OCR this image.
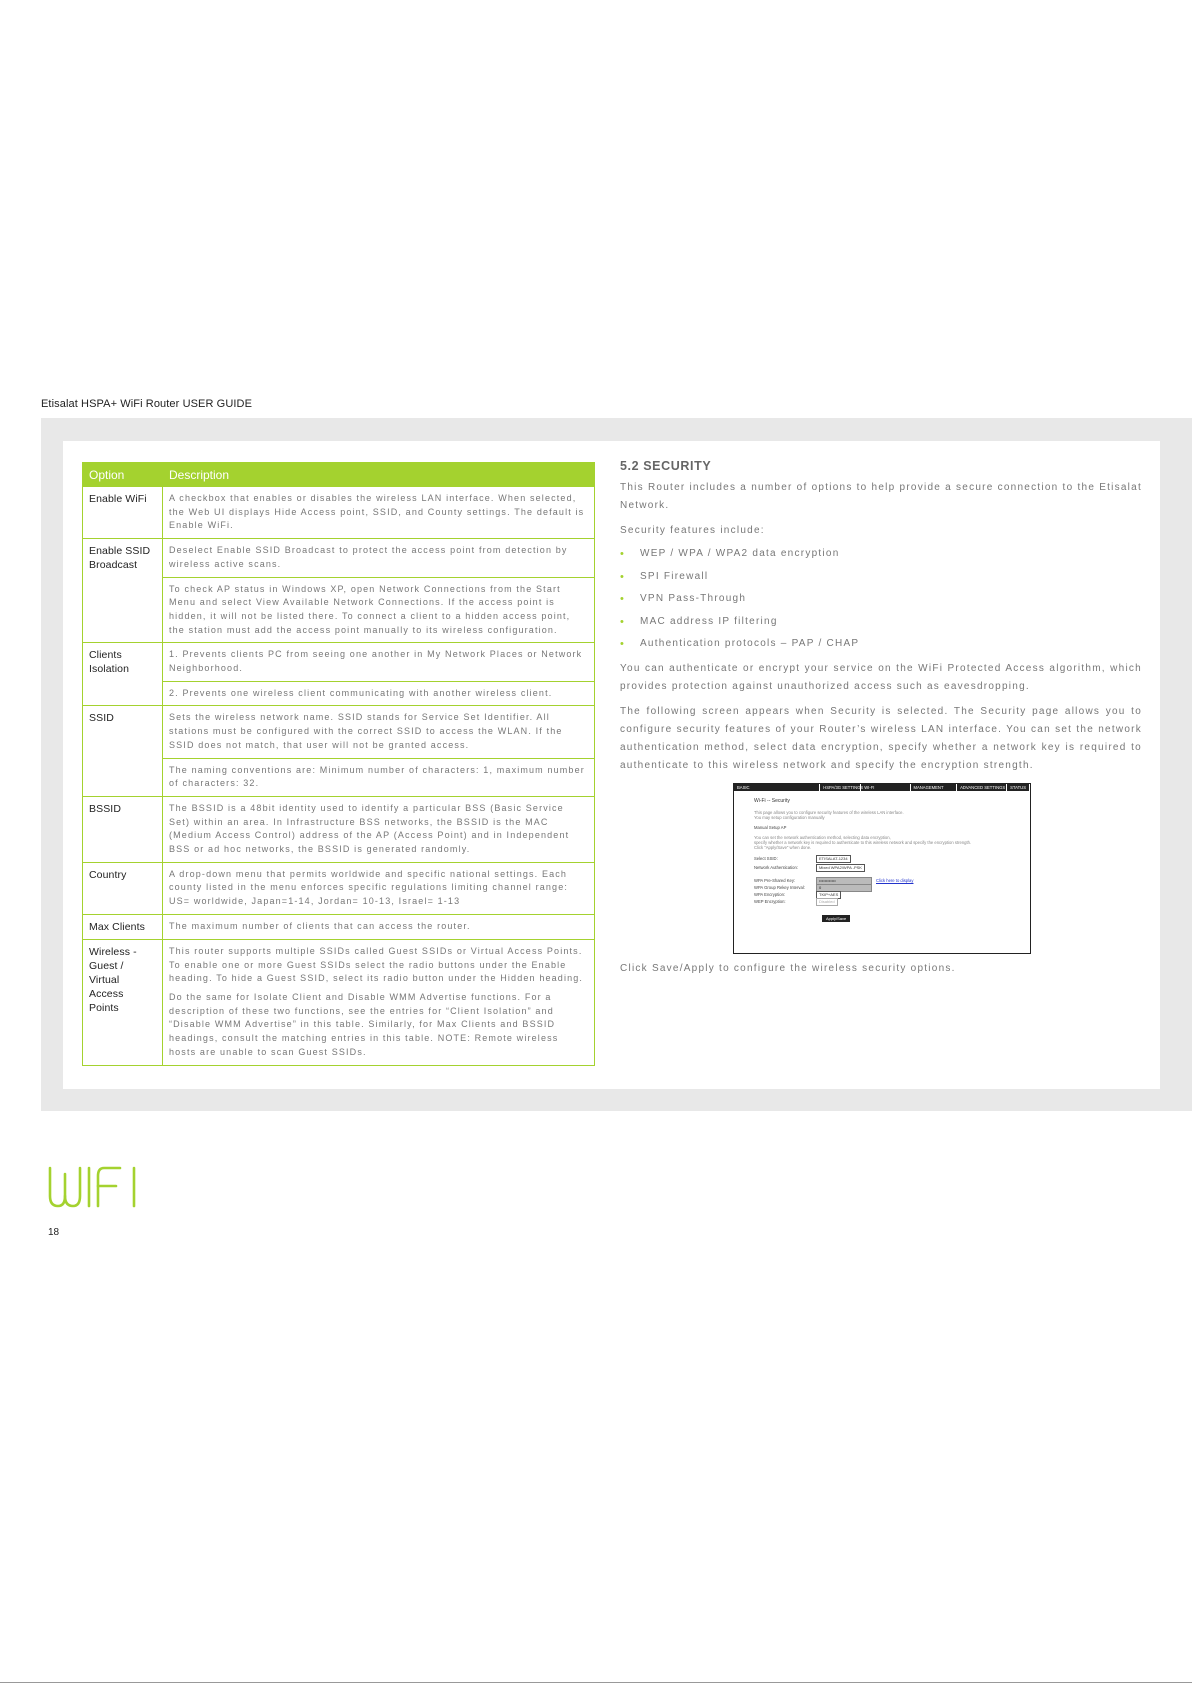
Etisalat HSPA+ WiFi Router USER GUIDE
Option	Description
Enable WiFi	A checkbox that enables or disables the wireless LAN interface. When selected, the Web UI displays Hide Access point, SSID, and County settings. The default is Enable WiFi.
Enable SSID Broadcast	Deselect Enable SSID Broadcast to protect the access point from detection by wireless active scans.
	To check AP status in Windows XP, open Network Connections from the Start Menu and select View Available Network Connections. If the access point is hidden, it will not be listed there. To connect a client to a hidden access point, the station must add the access point manually to its wireless configuration.
Clients Isolation	1. Prevents clients PC from seeing one another in My Network Places or Network Neighborhood.
	2. Prevents one wireless client communicating with another wireless client.
SSID	Sets the wireless network name. SSID stands for Service Set Identifier. All stations must be configured with the correct SSID to access the WLAN. If the SSID does not match, that user will not be granted access.
	The naming conventions are: Minimum number of characters: 1, maximum number of characters: 32.
BSSID	The BSSID is a 48bit identity used to identify a particular BSS (Basic Service Set) within an area. In Infrastructure BSS networks, the BSSID is the MAC (Medium Access Control) address of the AP (Access Point) and in Independent BSS or ad hoc networks, the BSSID is generated randomly.
Country	A drop-down menu that permits worldwide and specific national settings. Each county listed in the menu enforces specific regulations limiting channel range: US= worldwide, Japan=1-14, Jordan= 10-13, Israel= 1-13
Max Clients	The maximum number of clients that can access the router.
Wireless - Guest / Virtual Access Points	This router supports multiple SSIDs called Guest SSIDs or Virtual Access Points. To enable one or more Guest SSIDs select the radio buttons under the Enable heading. To hide a Guest SSID, select its radio button under the Hidden heading.
Do the same for Isolate Client and Disable WMM Advertise functions. For a description of these two functions, see the entries for “Client Isolation” and “Disable WMM Advertise” in this table. Similarly, for Max Clients and BSSID headings, consult the matching entries in this table. NOTE: Remote wireless hosts are unable to scan Guest SSIDs.
5.2 SECURITY

This Router includes a number of options to help provide a secure connection to the Etisalat Network.

Security features include:

• WEP / WPA / WPA2 data encryption
• SPI Firewall
• VPN Pass-Through
• MAC address IP filtering
• Authentication protocols – PAP / CHAP

You can authenticate or encrypt your service on the WiFi Protected Access algorithm, which provides protection against unauthorized access such as eavesdropping.

The following screen appears when Security is selected. The Security page allows you to configure security features of your Router’s wireless LAN interface. You can set the network authentication method, select data encryption, specify whether a network key is required to authenticate to this wireless network and specify the encryption strength.

BASIC	HSPA/3G SETTINGS WI-FI	MANAGEMENT	ADVANCED SETTINGS	STATUS
Wi-Fi -- Security
This page allows you to configure security features of the wireless LAN interface.
You may setup configuration manually
Manual Setup AP
You can set the network authentication method, selecting data encryption,
specify whether a network key is required to authenticate to this wireless network and specify the encryption strength.
Click "Apply/Save" when done.
Select SSID:	ETISALAT-1234
Network Authentication:	Mixed WPA2/WPA -PSK
WPA Pre-Shared Key:	••••••••••••	Click here to display
WPA Group Rekey Interval:	0
WPA Encryption:	TKIP+AES
WEP Encryption:	Disabled
Apply/Save
Click Save/Apply to configure the wireless security options.
18
